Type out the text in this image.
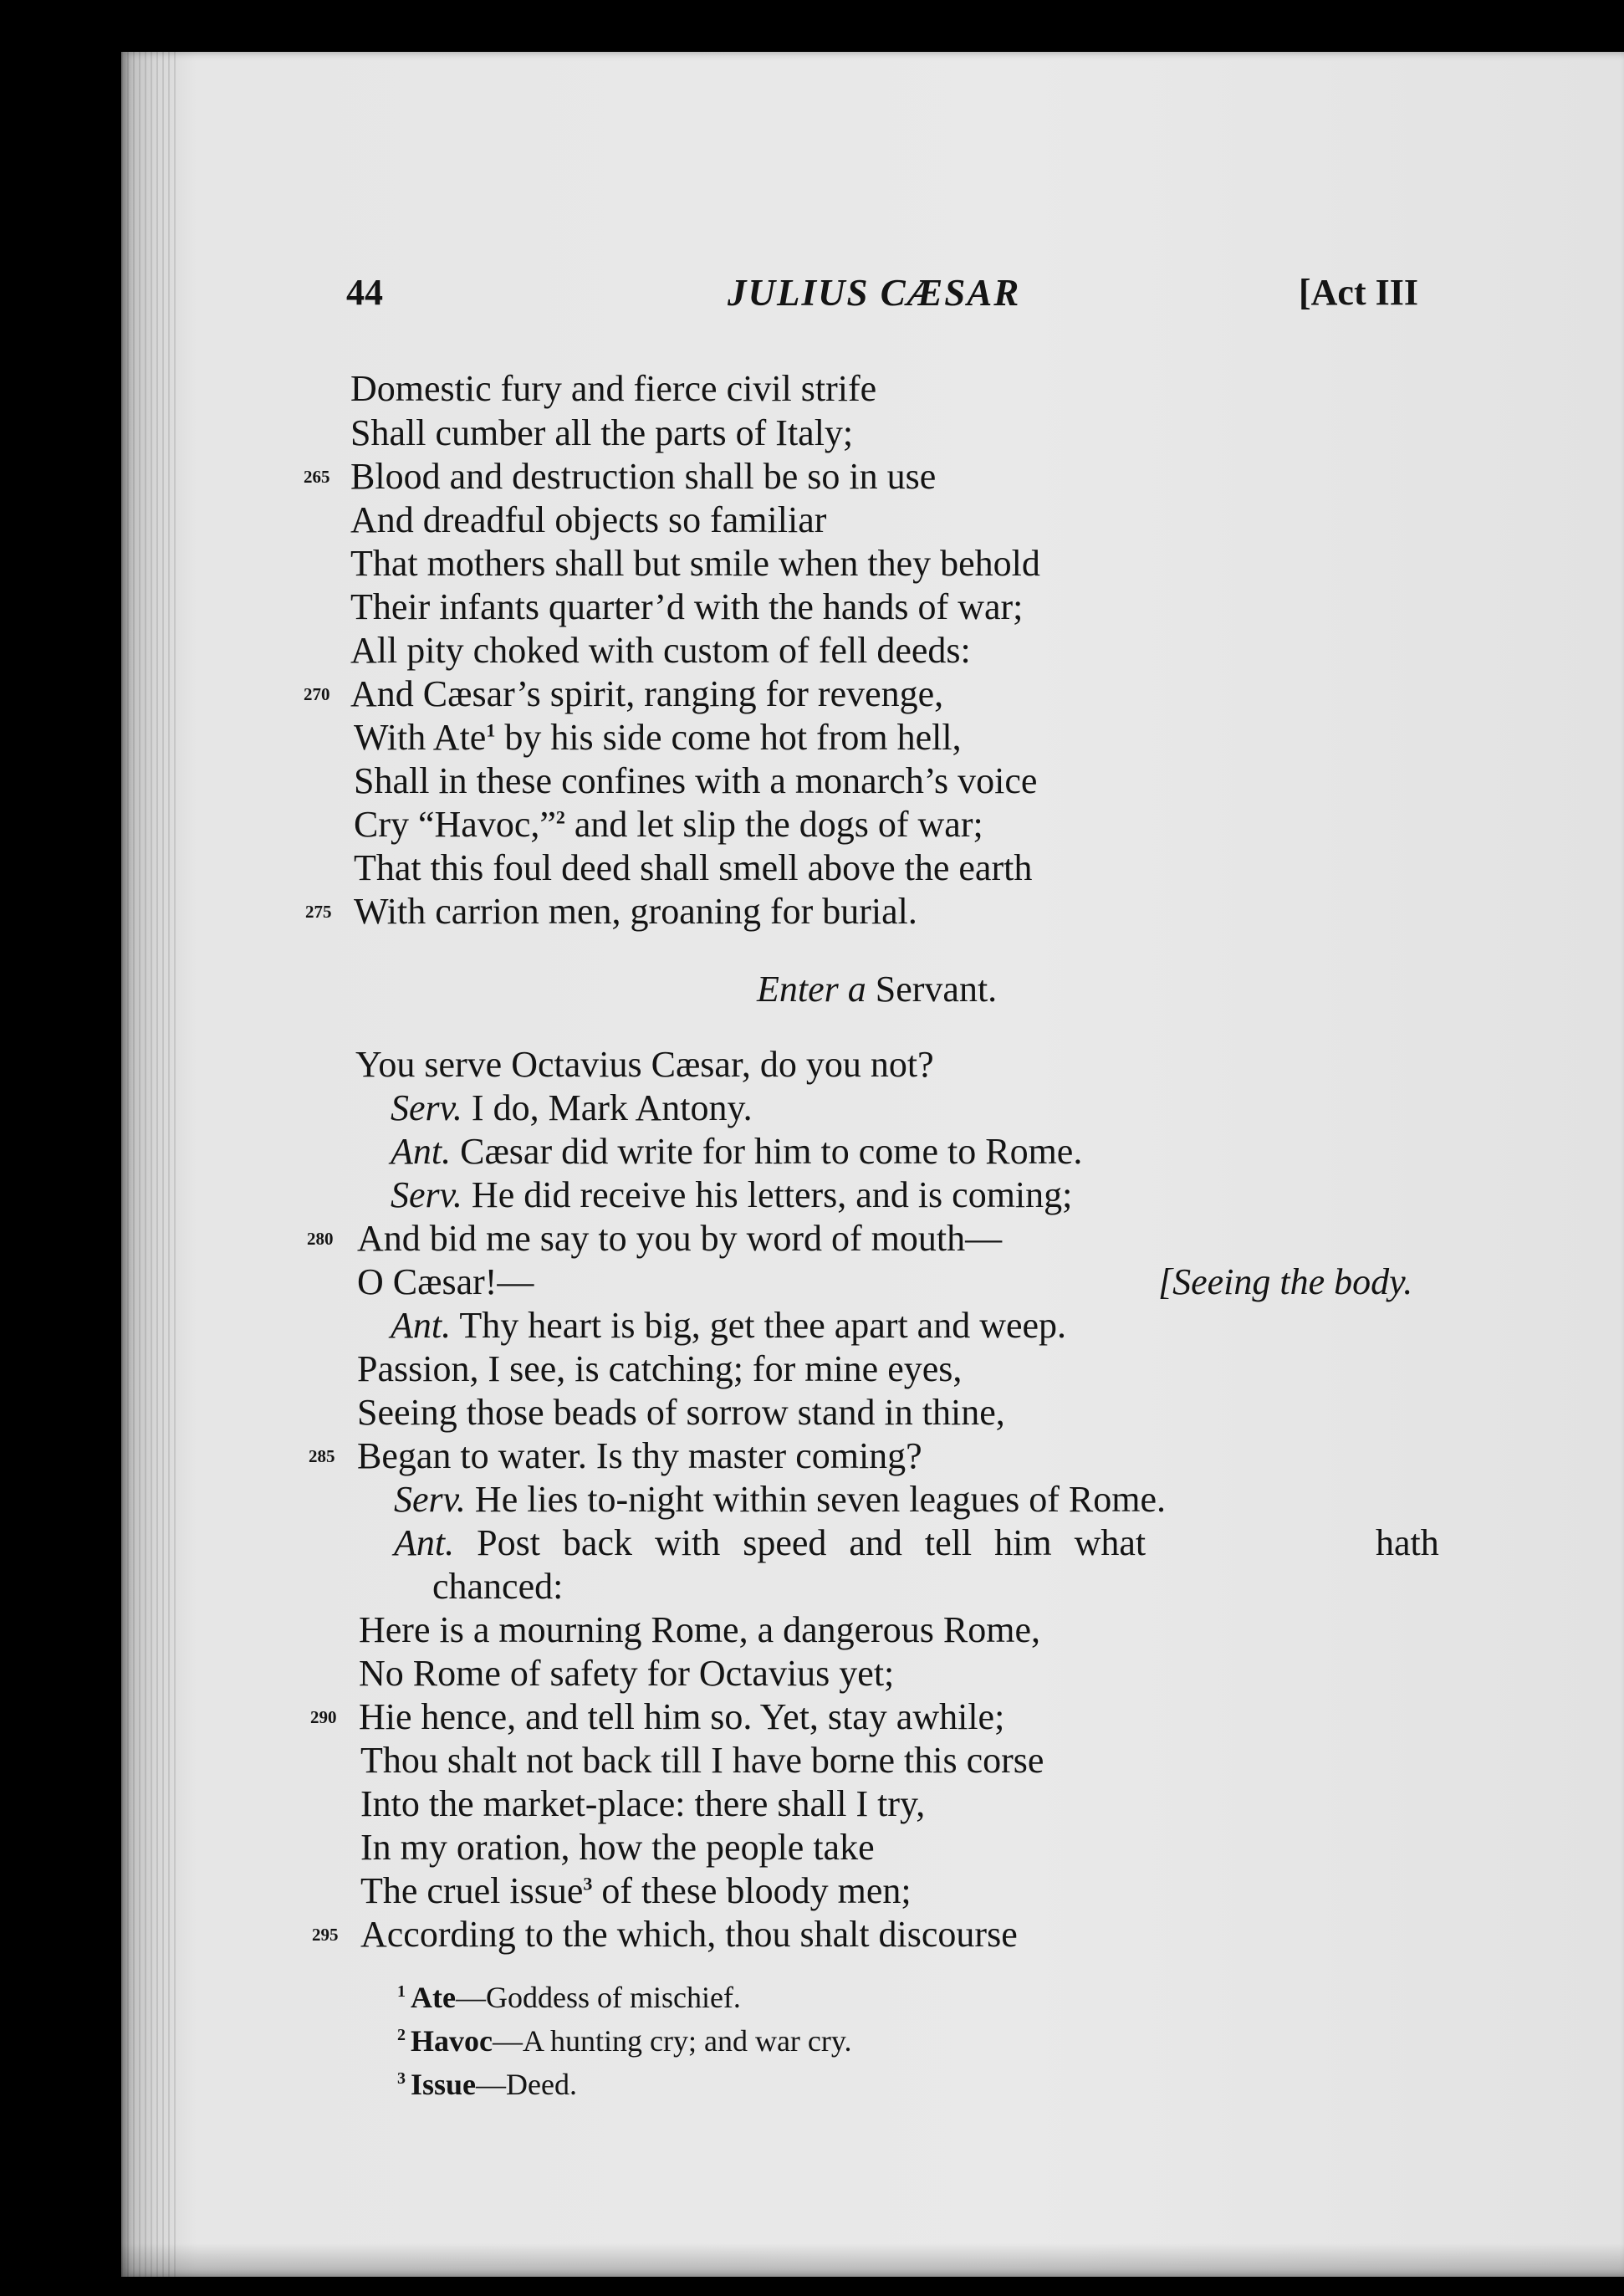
44	JULIUS CÆSAR	[Act III
Domestic fury and fierce civil strife
Shall cumber all the parts of Italy;
265 Blood and destruction shall be so in use
And dreadful objects so familiar
That mothers shall but smile when they behold
Their infants quarter’d with the hands of war;
All pity choked with custom of fell deeds:
270 And Cæsar’s spirit, ranging for revenge,
With Ate$^1$ by his side come hot from hell,
Shall in these confines with a monarch’s voice
Cry “Havoc,”$^2$ and let slip the dogs of war;
That this foul deed shall smell above the earth
275 With carrion men, groaning for burial.
Enter a Servant.
You serve Octavius Cæsar, do you not?
Serv. I do, Mark Antony.
Ant. Cæsar did write for him to come to Rome.
Serv. He did receive his letters, and is coming;
280 And bid me say to you by word of mouth—
O Cæsar!—	[Seeing the body.
Ant. Thy heart is big, get thee apart and weep.
Passion, I see, is catching; for mine eyes,
Seeing those beads of sorrow stand in thine,
285 Began to water. Is thy master coming?
Serv. He lies to-night within seven leagues of Rome.
Ant. Post back with speed and tell him what	hath
chanced:
Here is a mourning Rome, a dangerous Rome,
No Rome of safety for Octavius yet;
290 Hie hence, and tell him so. Yet, stay awhile;
Thou shalt not back till I have borne this corse
Into the market-place: there shall I try,
In my oration, how the people take
The cruel issue$^3$ of these bloody men;
295 According to the which, thou shalt discourse
$^1$ Ate—Goddess of mischief.
$^2$ Havoc—A hunting cry; and war cry.
$^3$ Issue—Deed.
